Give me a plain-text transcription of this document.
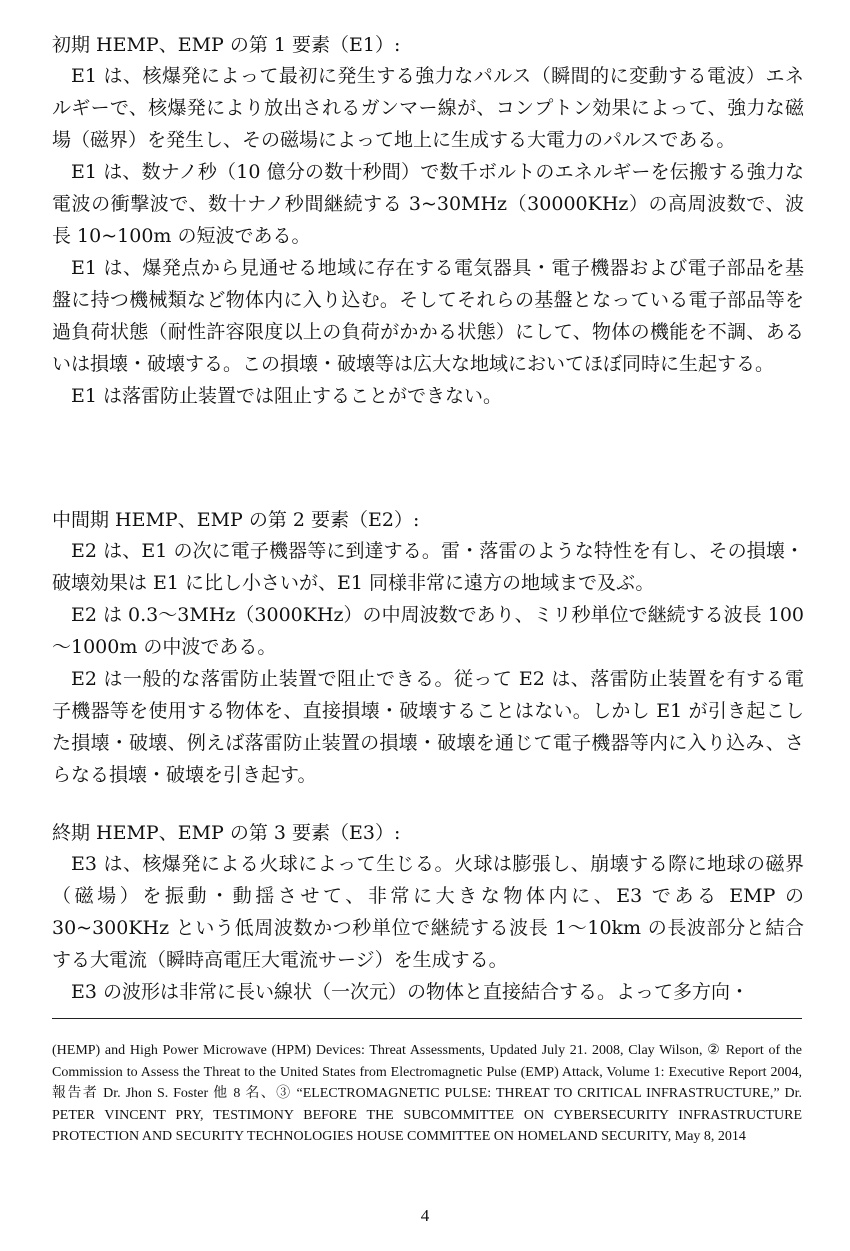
初期 HEMP、EMP の第 1 要素（E1）:

E1 は、核爆発によって最初に発生する強力なパルス（瞬間的に変動する電波）エネルギーで、核爆発により放出されるガンマー線が、コンプトン効果によって、強力な磁場（磁界）を発生し、その磁場によって地上に生成する大電力のパルスである。

E1 は、数ナノ秒（10 億分の数十秒間）で数千ボルトのエネルギーを伝搬する強力な電波の衝撃波で、数十ナノ秒間継続する 3~30MHz（30000KHz）の高周波数で、波長 10~100m の短波である。

E1 は、爆発点から見通せる地域に存在する電気器具・電子機器および電子部品を基盤に持つ機械類など物体内に入り込む。そしてそれらの基盤となっている電子部品等を過負荷状態（耐性許容限度以上の負荷がかかる状態）にして、物体の機能を不調、あるいは損壊・破壊する。この損壊・破壊等は広大な地域においてほぼ同時に生起する。

E1 は落雷防止装置では阻止することができない。

中間期 HEMP、EMP の第 2 要素（E2）:

E2 は、E1 の次に電子機器等に到達する。雷・落雷のような特性を有し、その損壊・破壊効果は E1 に比し小さいが、E1 同様非常に遠方の地域まで及ぶ。

E2 は 0.3～3MHz（3000KHz）の中周波数であり、ミリ秒単位で継続する波長 100～1000m の中波である。

E2 は一般的な落雷防止装置で阻止できる。従って E2 は、落雷防止装置を有する電子機器等を使用する物体を、直接損壊・破壊することはない。しかし E1 が引き起こした損壊・破壊、例えば落雷防止装置の損壊・破壊を通じて電子機器等内に入り込み、さらなる損壊・破壊を引き起す。

終期 HEMP、EMP の第 3 要素（E3）:

E3 は、核爆発による火球によって生じる。火球は膨張し、崩壊する際に地球の磁界（磁場）を振動・動揺させて、非常に大きな物体内に、E3 である EMP の 30~300KHz という低周波数かつ秒単位で継続する波長 1～10km の長波部分と結合する大電流（瞬時高電圧大電流サージ）を生成する。

E3 の波形は非常に長い線状（一次元）の物体と直接結合する。よって多方向・

(HEMP) and High Power Microwave (HPM) Devices: Threat Assessments, Updated July 21. 2008, Clay Wilson, ② Report of the Commission to Assess the Threat to the United States from Electromagnetic Pulse (EMP) Attack, Volume 1: Executive Report 2004, 報告者 Dr. Jhon S. Foster 他 8 名、③ “ELECTROMAGNETIC PULSE: THREAT TO CRITICAL INFRASTRUCTURE,” Dr. PETER VINCENT PRY, TESTIMONY BEFORE THE SUBCOMMITTEE ON CYBERSECURITY INFRASTRUCTURE PROTECTION AND SECURITY TECHNOLOGIES HOUSE COMMITTEE ON HOMELAND SECURITY, May 8, 2014

4
